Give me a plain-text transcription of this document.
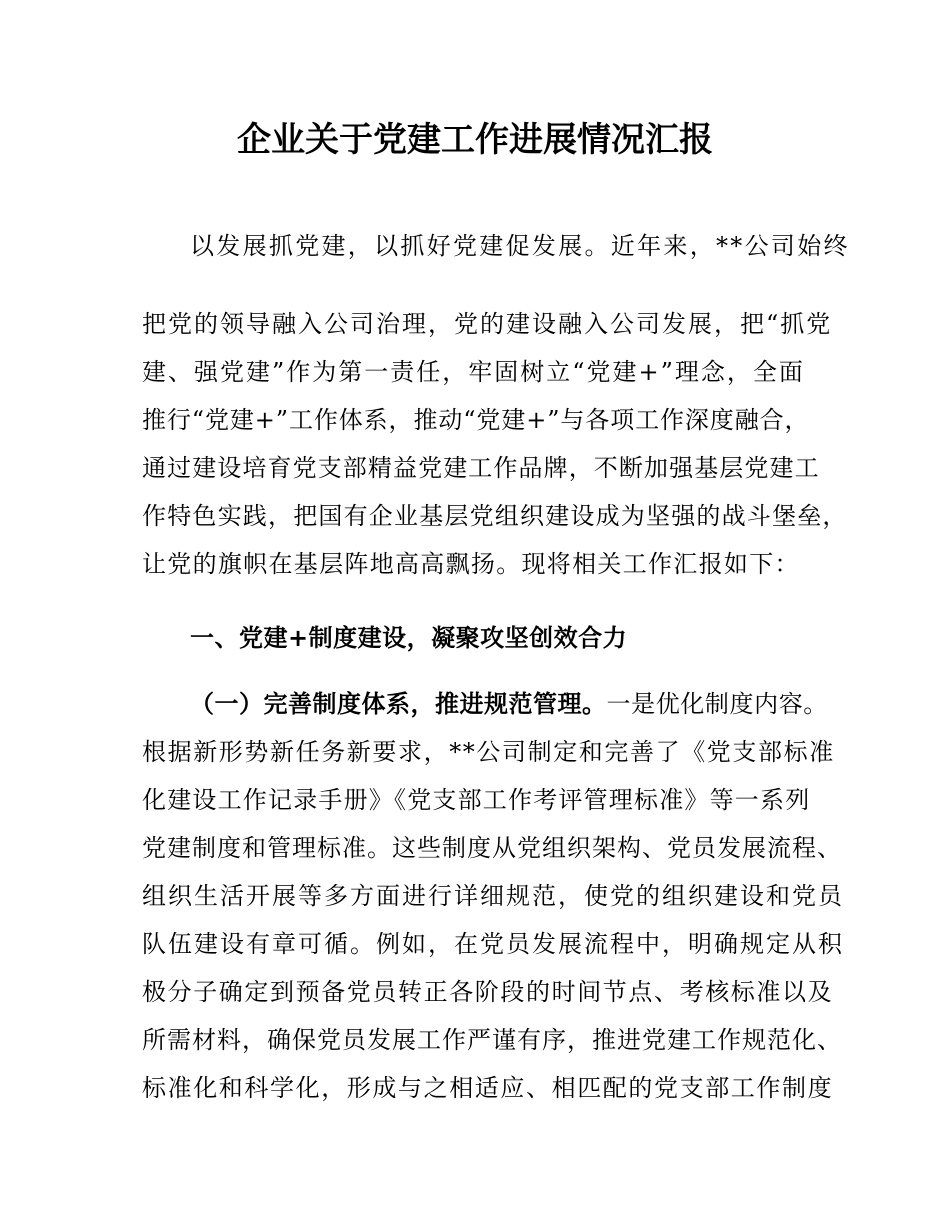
企业关于党建工作进展情况汇报
以发展抓党建，以抓好党建促发展。近年来，**公司始终
把党的领导融入公司治理，党的建设融入公司发展，把“抓党
建、强党建”作为第一责任，牢固树立“党建+”理念，全面
推行“党建+”工作体系，推动“党建+”与各项工作深度融合，
通过建设培育党支部精益党建工作品牌，不断加强基层党建工
作特色实践，把国有企业基层党组织建设成为坚强的战斗堡垒，
让党的旗帜在基层阵地高高飘扬。现将相关工作汇报如下：
一、党建+制度建设，凝聚攻坚创效合力
（一）完善制度体系，推进规范管理。一是优化制度内容。
根据新形势新任务新要求，**公司制定和完善了《党支部标准
化建设工作记录手册》《党支部工作考评管理标准》等一系列
党建制度和管理标准。这些制度从党组织架构、党员发展流程、
组织生活开展等多方面进行详细规范，使党的组织建设和党员
队伍建设有章可循。例如，在党员发展流程中，明确规定从积
极分子确定到预备党员转正各阶段的时间节点、考核标准以及
所需材料，确保党员发展工作严谨有序，推进党建工作规范化、
标准化和科学化，形成与之相适应、相匹配的党支部工作制度
